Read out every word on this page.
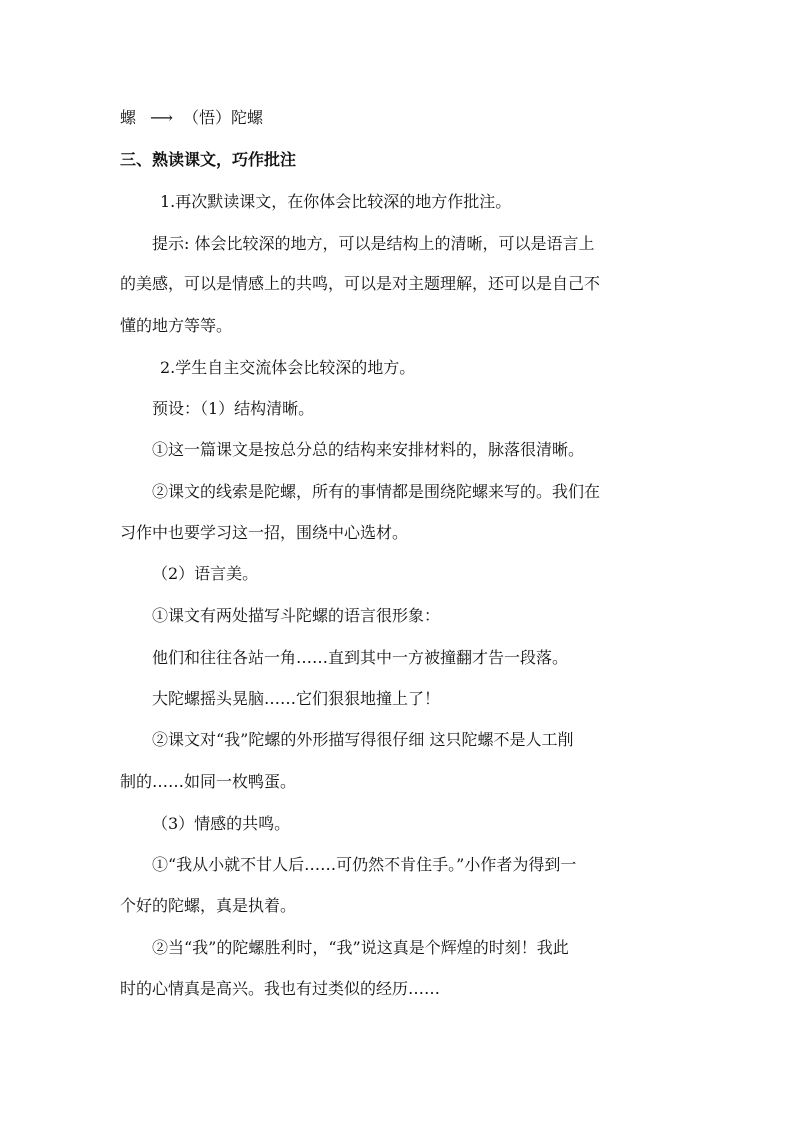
螺 ⟶ （悟）陀螺
三、熟读课文，巧作批注
1.再次默读课文，在你体会比较深的地方作批注。
提示: 体会比较深的地方，可以是结构上的清晰，可以是语言上
的美感，可以是情感上的共鸣，可以是对主题理解，还可以是自己不
懂的地方等等。
2.学生自主交流体会比较深的地方。
预设：（1）结构清晰。
①这一篇课文是按总分总的结构来安排材料的，脉落很清晰。
②课文的线索是陀螺，所有的事情都是围绕陀螺来写的。我们在
习作中也要学习这一招，围绕中心选材。
（2）语言美。
①课文有两处描写斗陀螺的语言很形象：
他们和往往各站一角……直到其中一方被撞翻才告一段落。
大陀螺摇头晃脑……它们狠狠地撞上了！
②课文对“我”陀螺的外形描写得很仔细 这只陀螺不是人工削
制的……如同一枚鸭蛋。
（3）情感的共鸣。
①“我从小就不甘人后……可仍然不肯住手。”小作者为得到一
个好的陀螺，真是执着。
②当“我”的陀螺胜利时，“我”说这真是个辉煌的时刻！我此
时的心情真是高兴。我也有过类似的经历……
